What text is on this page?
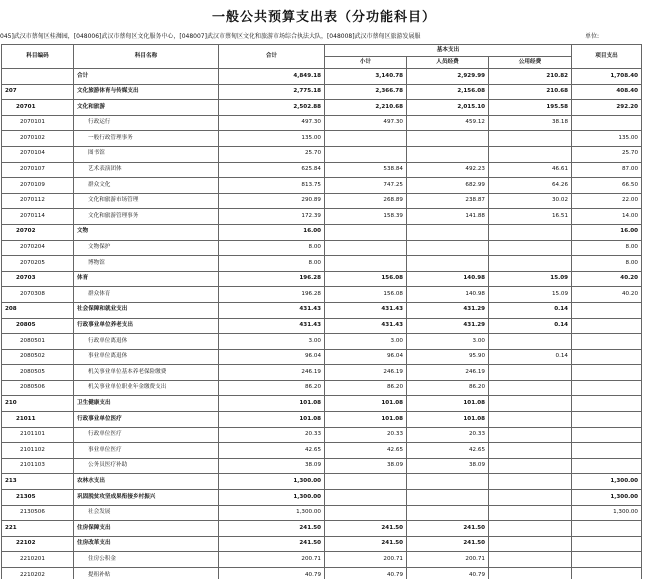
一般公共预算支出表（分功能科目）
045]武汉市蔡甸区桂浉园，[048006]武汉市蔡甸区文化服务中心，[048007]武汉市蔡甸区文化和旅游市场综合执法大队，[048008]武汉市蔡甸区旅游发展服	单位:
科目编码	科目名称	合计	基本支出			项目支出
			小计	人员经费	公用经费	
	合计	4,849.18	3,140.78	2,929.99	210.82	1,708.40
207	文化旅游体育与传媒支出	2,775.18	2,366.78	2,156.08	210.68	408.40
20701	文化和旅游	2,502.88	2,210.68	2,015.10	195.58	292.20
2070101	行政运行	497.30	497.30	459.12	38.18	
2070102	一般行政管理事务	135.00				135.00
2070104	图书馆	25.70				25.70
2070107	艺术表演团体	625.84	538.84	492.23	46.61	87.00
2070109	群众文化	813.75	747.25	682.99	64.26	66.50
2070112	文化和旅游市场管理	290.89	268.89	238.87	30.02	22.00
2070114	文化和旅游管理事务	172.39	158.39	141.88	16.51	14.00
20702	文物	16.00				16.00
2070204	文物保护	8.00				8.00
2070205	博物馆	8.00				8.00
20703	体育	196.28	156.08	140.98	15.09	40.20
2070308	群众体育	196.28	156.08	140.98	15.09	40.20
208	社会保障和就业支出	431.43	431.43	431.29	0.14	
20805	行政事业单位养老支出	431.43	431.43	431.29	0.14	
2080501	行政单位离退休	3.00	3.00	3.00		
2080502	事业单位离退休	96.04	96.04	95.90	0.14	
2080505	机关事业单位基本养老保险缴费	246.19	246.19	246.19		
2080506	机关事业单位职业年金缴费支出	86.20	86.20	86.20		
210	卫生健康支出	101.08	101.08	101.08		
21011	行政事业单位医疗	101.08	101.08	101.08		
2101101	行政单位医疗	20.33	20.33	20.33		
2101102	事业单位医疗	42.65	42.65	42.65		
2101103	公务员医疗补助	38.09	38.09	38.09		
213	农林水支出	1,300.00				1,300.00
21305	巩固脱贫攻坚成果衔接乡村振兴	1,300.00				1,300.00
2130506	社会发展	1,300.00				1,300.00
221	住房保障支出	241.50	241.50	241.50		
22102	住房改革支出	241.50	241.50	241.50		
2210201	住房公积金	200.71	200.71	200.71		
2210202	提租补贴	40.79	40.79	40.79		
